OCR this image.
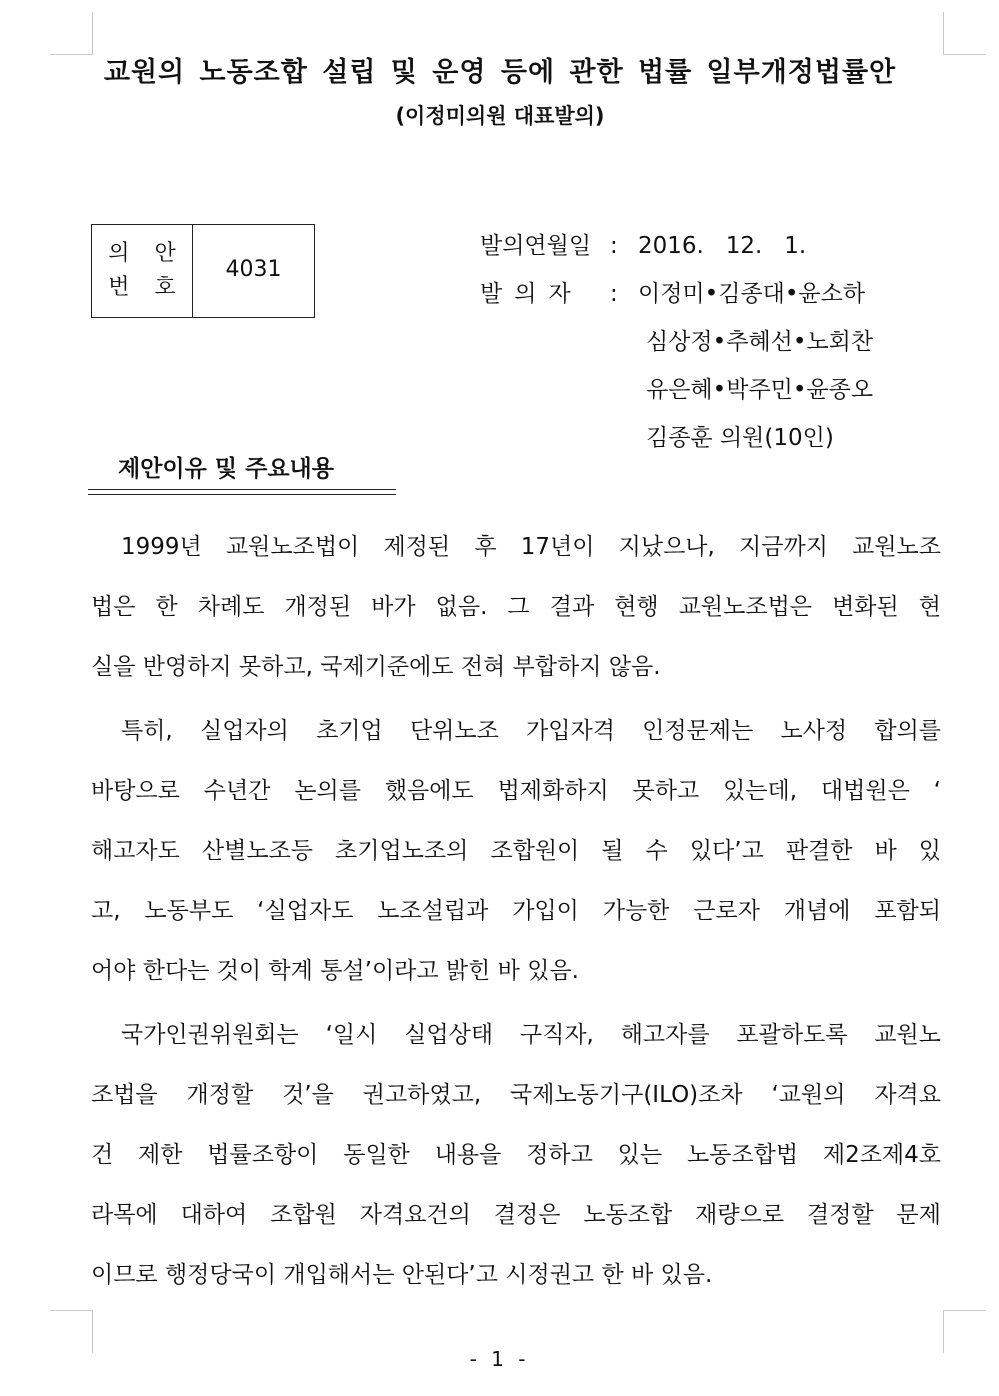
교원의 노동조합 설립 및 운영 등에 관한 법률 일부개정법률안
(이정미의원 대표발의)
의 안
번 호
4031
발의연월일 : 2016.   12.   1.
발의자	: 이정미•김종대•윤소하
심상정•추혜선•노회찬
유은혜•박주민•윤종오
김종훈 의원(10인)
제안이유 및 주요내용
1999년 교원노조법이 제정된 후 17년이 지났으나, 지금까지 교원노조
법은 한 차례도 개정된 바가 없음. 그 결과 현행 교원노조법은 변화된 현
실을 반영하지 못하고, 국제기준에도 전혀 부합하지 않음.
특히, 실업자의 초기업 단위노조 가입자격 인정문제는 노사정 합의를
바탕으로 수년간 논의를 했음에도 법제화하지 못하고 있는데, 대법원은 ‘
해고자도 산별노조등 초기업노조의 조합원이 될 수 있다’고 판결한 바 있
고, 노동부도 ‘실업자도 노조설립과 가입이 가능한 근로자 개념에 포함되
어야 한다는 것이 학계 통설’이라고 밝힌 바 있음.
국가인권위원회는 ‘일시 실업상태 구직자, 해고자를 포괄하도록 교원노
조법을 개정할 것’을 권고하였고, 국제노동기구(ILO)조차 ‘교원의 자격요
건 제한 법률조항이 동일한 내용을 정하고 있는 노동조합법 제2조제4호
라목에 대하여 조합원 자격요건의 결정은 노동조합 재량으로 결정할 문제
이므로 행정당국이 개입해서는 안된다’고 시정권고 한 바 있음.
- 1 -
